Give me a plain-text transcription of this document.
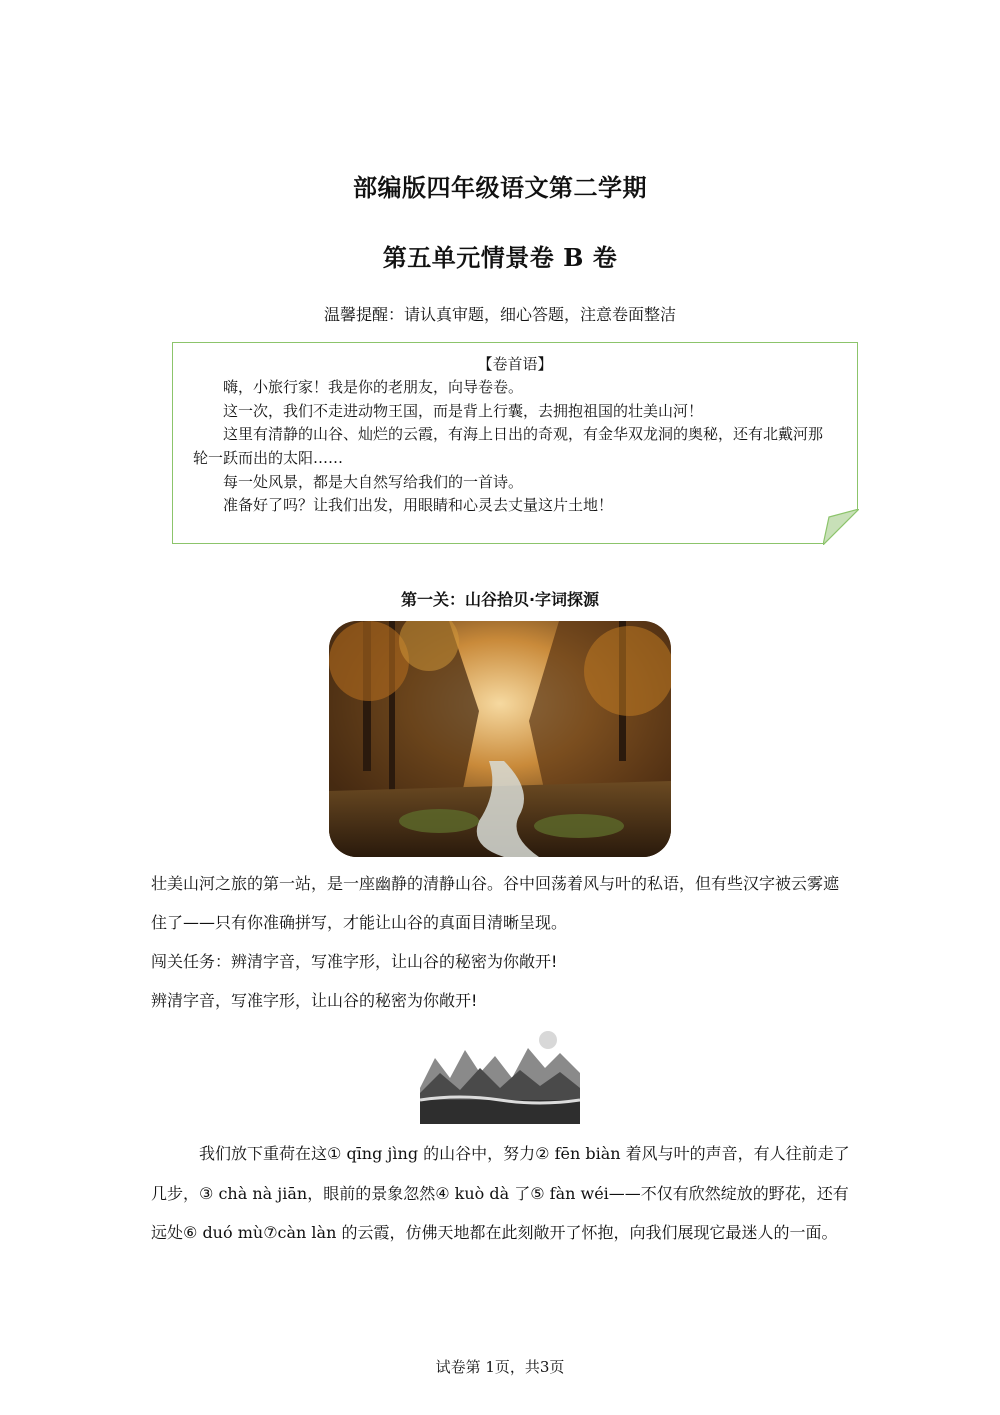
部编版四年级语文第二学期
第五单元情景卷 B 卷
温馨提醒：请认真审题，细心答题，注意卷面整洁
【卷首语】
嗨，小旅行家！我是你的老朋友，向导卷卷。
这一次，我们不走进动物王国，而是背上行囊，去拥抱祖国的壮美山河！
这里有清静的山谷、灿烂的云霞，有海上日出的奇观，有金华双龙洞的奥秘，还有北戴河那轮一跃而出的太阳……
每一处风景，都是大自然写给我们的一首诗。
准备好了吗？让我们出发，用眼睛和心灵去丈量这片土地！
第一关：山谷拾贝·字词探源
壮美山河之旅的第一站，是一座幽静的清静山谷。谷中回荡着风与叶的私语，但有些汉字被云雾遮住了——只有你准确拼写，才能让山谷的真面目清晰呈现。
闯关任务：辨清字音，写准字形，让山谷的秘密为你敞开!
辨清字音，写准字形，让山谷的秘密为你敞开!
我们放下重荷在这① qīng jìng 的山谷中，努力② fēn biàn 着风与叶的声音，有人往前走了几步，③ chà nà jiān，眼前的景象忽然④ kuò dà 了⑤ fàn wéi——不仅有欣然绽放的野花，还有远处⑥ duó mù⑦càn làn 的云霞，仿佛天地都在此刻敞开了怀抱，向我们展现它最迷人的一面。
试卷第 1页，共3页
